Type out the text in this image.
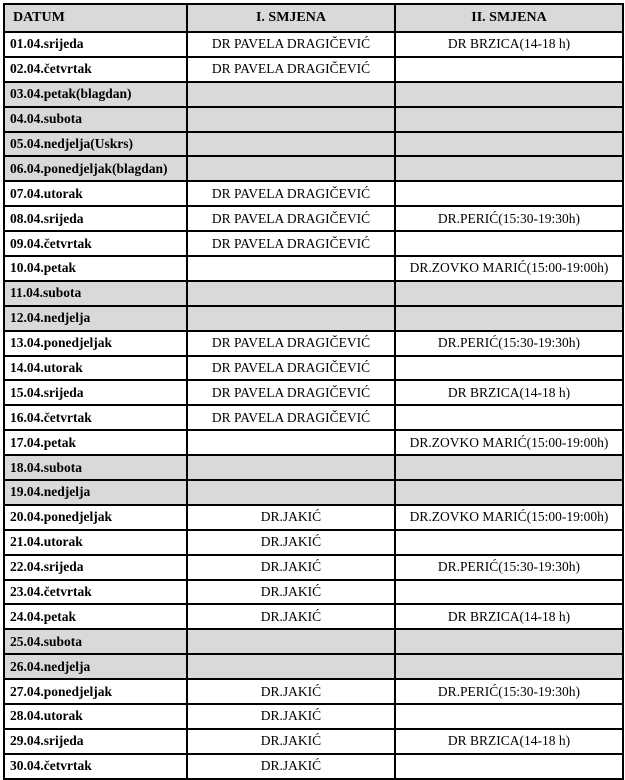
DATUM	I. SMJENA	II. SMJENA
01.04.srijeda	DR PAVELA DRAGIČEVIĆ	DR BRZICA(14-18 h)
02.04.četvrtak	DR PAVELA DRAGIČEVIĆ	
03.04.petak(blagdan)		
04.04.subota		
05.04.nedjelja(Uskrs)		
06.04.ponedjeljak(blagdan)		
07.04.utorak	DR PAVELA DRAGIČEVIĆ	
08.04.srijeda	DR PAVELA DRAGIČEVIĆ	DR.PERIĆ(15:30-19:30h)
09.04.četvrtak	DR PAVELA DRAGIČEVIĆ	
10.04.petak		DR.ZOVKO MARIĆ(15:00-19:00h)
11.04.subota		
12.04.nedjelja		
13.04.ponedjeljak	DR PAVELA DRAGIČEVIĆ	DR.PERIĆ(15:30-19:30h)
14.04.utorak	DR PAVELA DRAGIČEVIĆ	
15.04.srijeda	DR PAVELA DRAGIČEVIĆ	DR BRZICA(14-18 h)
16.04.četvrtak	DR PAVELA DRAGIČEVIĆ	
17.04.petak		DR.ZOVKO MARIĆ(15:00-19:00h)
18.04.subota		
19.04.nedjelja		
20.04.ponedjeljak	DR.JAKIĆ	DR.ZOVKO MARIĆ(15:00-19:00h)
21.04.utorak	DR.JAKIĆ	
22.04.srijeda	DR.JAKIĆ	DR.PERIĆ(15:30-19:30h)
23.04.četvrtak	DR.JAKIĆ	
24.04.petak	DR.JAKIĆ	DR BRZICA(14-18 h)
25.04.subota		
26.04.nedjelja		
27.04.ponedjeljak	DR.JAKIĆ	DR.PERIĆ(15:30-19:30h)
28.04.utorak	DR.JAKIĆ	
29.04.srijeda	DR.JAKIĆ	DR BRZICA(14-18 h)
30.04.četvrtak	DR.JAKIĆ	
